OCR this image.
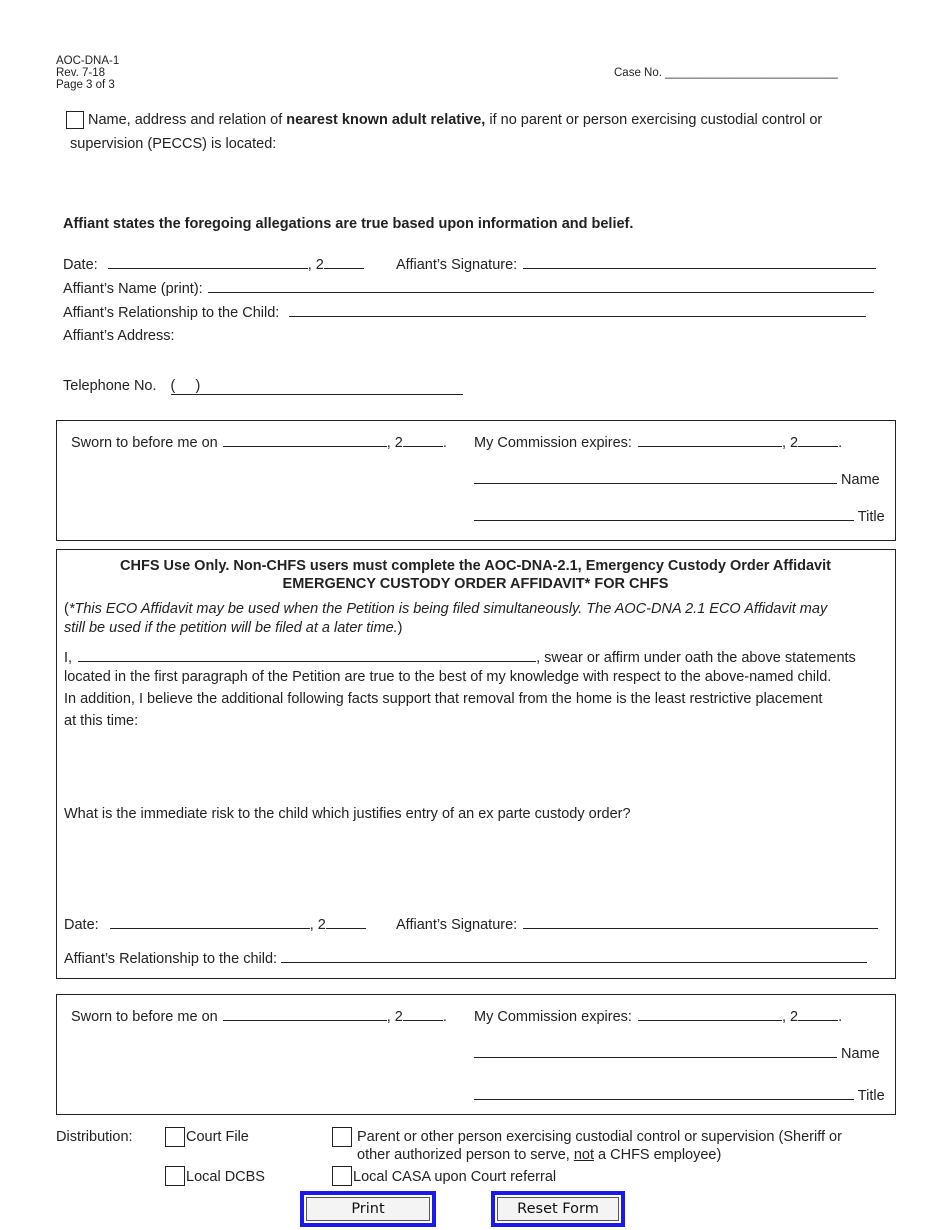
AOC-DNA-1
Rev. 7-18
Page 3 of 3
Case No. ___________________________
Name, address and relation of nearest known adult relative, if no parent or person exercising custodial control or
supervision (PECCS) is located:
Affiant states the foregoing allegations are true based upon information and belief.
Date:	, 2	Affiant’s Signature:
Affiant’s Name (print):
Affiant’s Relationship to the Child:
Affiant’s Address:
Telephone No. (     )
Sworn to before me on	, 2	. My Commission expires:	, 2	.
Name
Title
CHFS Use Only. Non-CHFS users must complete the AOC-DNA-2.1, Emergency Custody Order Affidavit
EMERGENCY CUSTODY ORDER AFFIDAVIT* FOR CHFS
(*This ECO Affidavit may be used when the Petition is being filed simultaneously. The AOC-DNA 2.1 ECO Affidavit may
still be used if the petition will be filed at a later time.)
I,	, swear or affirm under oath the above statements
located in the first paragraph of the Petition are true to the best of my knowledge with respect to the above-named child.
In addition, I believe the additional following facts support that removal from the home is the least restrictive placement
at this time:
What is the immediate risk to the child which justifies entry of an ex parte custody order?
Date:	, 2	Affiant’s Signature:
Affiant’s Relationship to the child:
Sworn to before me on	, 2	. My Commission expires:	, 2	.
Name
Title
Distribution:	Court File	Parent or other person exercising custodial control or supervision (Sheriff or
other authorized person to serve, not a CHFS employee)
Local DCBS	Local CASA upon Court referral
Print	Reset Form
